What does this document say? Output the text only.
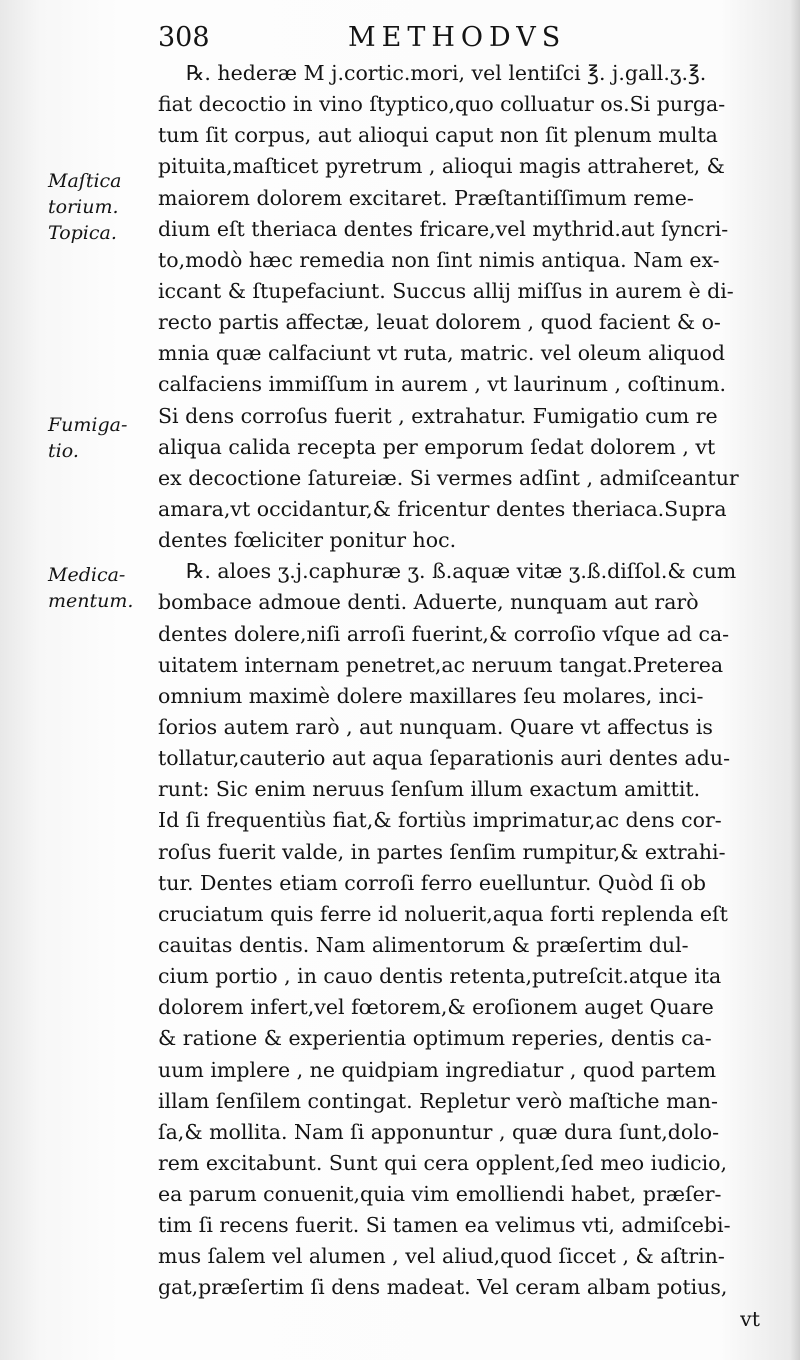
308	METHODVS
Maſtica
torium.
Topica.
Fumiga-
tio.
Medica-
mentum.
℞. hederæ M j.cortic.mori, vel lentiſci ℥. j.gall.ʒ.℥.
fiat decoctio in vino ſtyptico,quo colluatur os.Si purga-
tum ſit corpus, aut alioqui caput non ſit plenum multa
pituita,maſticet pyretrum , alioqui magis attraheret, &
maiorem dolorem excitaret. Præſtantiſſimum reme-
dium eſt theriaca dentes fricare,vel mythrid.aut ſyncri-
to,modò hæc remedia non ſint nimis antiqua. Nam ex-
iccant & ſtupefaciunt. Succus allij miſſus in aurem è di-
recto partis affectæ, leuat dolorem , quod facient & o-
mnia quæ calfaciunt vt ruta, matric. vel oleum aliquod
calfaciens immiſſum in aurem , vt laurinum , coſtinum.
Si dens corroſus fuerit , extrahatur. Fumigatio cum re
aliqua calida recepta per emporum ſedat dolorem , vt
ex decoctione ſatureiæ. Si vermes adſint , admiſceantur
amara,vt occidantur,& fricentur dentes theriaca.Supra
dentes fœliciter ponitur hoc.
℞. aloes ʒ.j.caphuræ ʒ. ß.aquæ vitæ ʒ.ß.diſſol.& cum
bombace admoue denti. Aduerte, nunquam aut rarò
dentes dolere,niſi arroſi fuerint,& corroſio vſque ad ca-
uitatem internam penetret,ac neruum tangat.Preterea
omnium maximè dolere maxillares ſeu molares, inci-
ſorios autem rarò , aut nunquam. Quare vt affectus is
tollatur,cauterio aut aqua ſeparationis auri dentes adu-
runt: Sic enim neruus ſenſum illum exactum amittit.
Id ſi frequentiùs fiat,& fortiùs imprimatur,ac dens cor-
roſus fuerit valde, in partes ſenſim rumpitur,& extrahi-
tur. Dentes etiam corroſi ferro euelluntur. Quòd ſi ob
cruciatum quis ferre id noluerit,aqua forti replenda eſt
cauitas dentis. Nam alimentorum & præſertim dul-
cium portio , in cauo dentis retenta,putreſcit.atque ita
dolorem infert,vel fœtorem,& eroſionem auget Quare
& ratione & experientia optimum reperies, dentis ca-
uum implere , ne quidpiam ingrediatur , quod partem
illam ſenſilem contingat. Repletur verò maſtiche man-
ſa,& mollita. Nam ſi apponuntur , quæ dura ſunt,dolo-
rem excitabunt. Sunt qui cera opplent,ſed meo iudicio,
ea parum conuenit,quia vim emolliendi habet, præſer-
tim ſi recens fuerit. Si tamen ea velimus vti, admiſcebi-
mus ſalem vel alumen , vel aliud,quod ſiccet , & aſtrin-
gat,præſertim ſi dens madeat. Vel ceram albam potius,
vt
